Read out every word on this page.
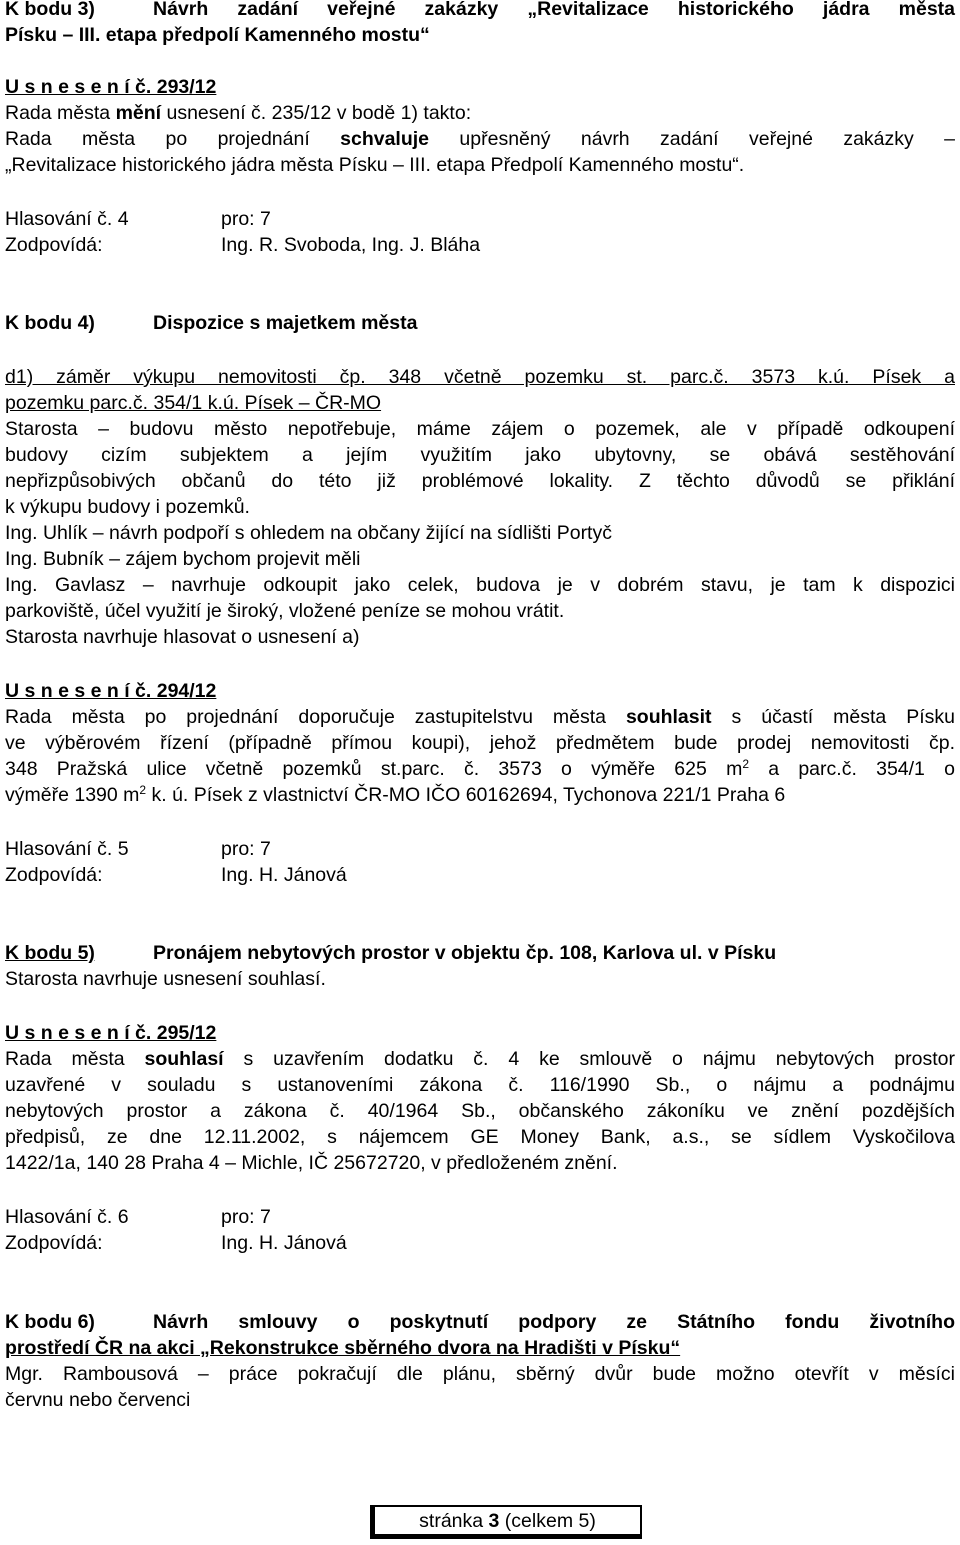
K bodu 3)	Návrh zadání veřejné zakázky „Revitalizace historického jádra města
Písku – III. etapa předpolí Kamenného mostu“
U s n e s e n í č. 293/12
Rada města mění usnesení č. 235/12 v bodě 1) takto:
Rada města po projednání schvaluje upřesněný návrh zadání veřejné zakázky –
„Revitalizace historického jádra města Písku – III. etapa Předpolí Kamenného mostu“.
Hlasování č. 4	pro: 7
Zodpovídá:	Ing. R. Svoboda, Ing. J. Bláha
K bodu 4)	Dispozice s majetkem města
d1) záměr výkupu nemovitosti čp. 348 včetně pozemku st. parc.č. 3573 k.ú. Písek a
pozemku parc.č. 354/1 k.ú. Písek – ČR-MO
Starosta – budovu město nepotřebuje, máme zájem o pozemek, ale v případě odkoupení
budovy cizím subjektem a jejím využitím jako ubytovny, se obává sestěhování
nepřizpůsobivých občanů do této již problémové lokality. Z těchto důvodů se přiklání
k výkupu budovy i pozemků.
Ing. Uhlík – návrh podpoří s ohledem na občany žijící na sídlišti Portyč
Ing. Bubník – zájem bychom projevit měli
Ing. Gavlasz – navrhuje odkoupit jako celek, budova je v dobrém stavu, je tam k dispozici
parkoviště, účel využití je široký, vložené peníze se mohou vrátit.
Starosta navrhuje hlasovat o usnesení a)
U s n e s e n í č. 294/12
Rada města po projednání doporučuje zastupitelstvu města souhlasit s účastí města Písku
ve výběrovém řízení (případně přímou koupi), jehož předmětem bude prodej nemovitosti čp.
348 Pražská ulice včetně pozemků st.parc. č. 3573 o výměře 625 $m^2$ a parc.č. 354/1 o
výměře 1390 $m^2$ k. ú. Písek z vlastnictví ČR-MO IČO 60162694, Tychonova 221/1 Praha 6
Hlasování č. 5	pro: 7
Zodpovídá:	Ing. H. Jánová
K bodu 5)	Pronájem nebytových prostor v objektu čp. 108, Karlova ul. v Písku
Starosta navrhuje usnesení souhlasí.
U s n e s e n í č. 295/12
Rada města souhlasí s uzavřením dodatku č. 4 ke smlouvě o nájmu nebytových prostor
uzavřené v souladu s ustanoveními zákona č. 116/1990 Sb., o nájmu a podnájmu
nebytových prostor a zákona č. 40/1964 Sb., občanského zákoníku ve znění pozdějších
předpisů, ze dne 12.11.2002, s nájemcem GE Money Bank, a.s., se sídlem Vyskočilova
1422/1a, 140 28 Praha 4 – Michle, IČ 25672720, v předloženém znění.
Hlasování č. 6	pro: 7
Zodpovídá:	Ing. H. Jánová
K bodu 6)	Návrh smlouvy o poskytnutí podpory ze Státního fondu životního
prostředí ČR na akci „Rekonstrukce sběrného dvora na Hradišti v Písku“
Mgr. Rambousová – práce pokračují dle plánu, sběrný dvůr bude možno otevřít v měsíci
červnu nebo červenci
stránka 3 (celkem 5)
